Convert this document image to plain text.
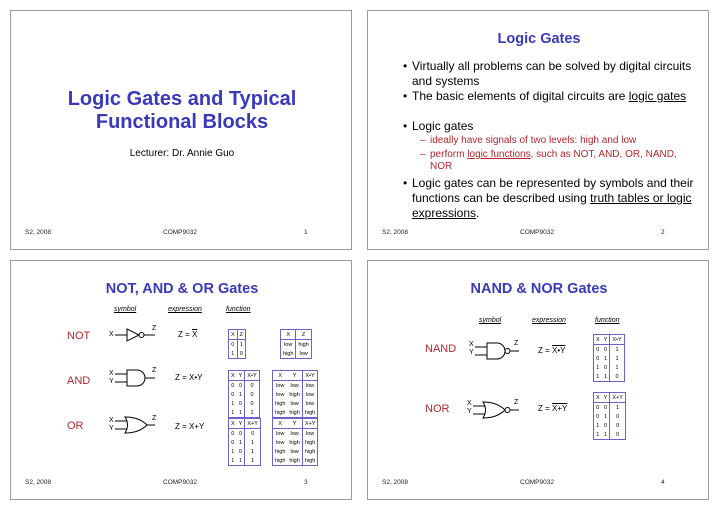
Logic Gates and Typical
Functional Blocks
Lecturer: Dr. Annie Guo
S2, 2008	COMP9032	1
Logic Gates
• Virtually all problems can be solved by digital circuits and systems
• The basic elements of digital circuits are logic gates
• Logic gates
– ideally have signals of two levels: high and low
– perform logic functions, such as NOT, AND, OR, NAND, NOR
• Logic gates can be represented by symbols and their functions can be described using truth tables or logic expressions.
S2, 2008	COMP9032	2
NOT, AND & OR Gates
symbol	expression	function
NOT	X
Z
$Z = \overline{X}$	X	Z
0	1
1	0
X	Z
low	high
high	low
AND
X
Y
Z
Z = X•Y	X	Y	X•Y
0	0	0
0	1	0
1	0	0
1	1	1
X	Y	X•Y
low	low	low
low	high	low
high	low	low
high	high	high
OR	X
Y
Z
Z = X+Y	X	Y	X+Y
0	0	0
0	1	1
1	0	1
1	1	1
X	Y	X+Y
low	low	low
low	high	high
high	low	high
high	high	high
S2, 2008	COMP9032	3
NAND & NOR Gates
symbol	expression	function
NAND X
Y
Z
Z = X•Y
X	Y	X•Y
0	0	1
0	1	1
1	0	1
1	1	0
NOR	X
Y
Z
Z = X+Y
X	Y	X+Y
0	0	1
0	1	0
1	0	0
1	1	0
S2, 2008	COMP9032	4
